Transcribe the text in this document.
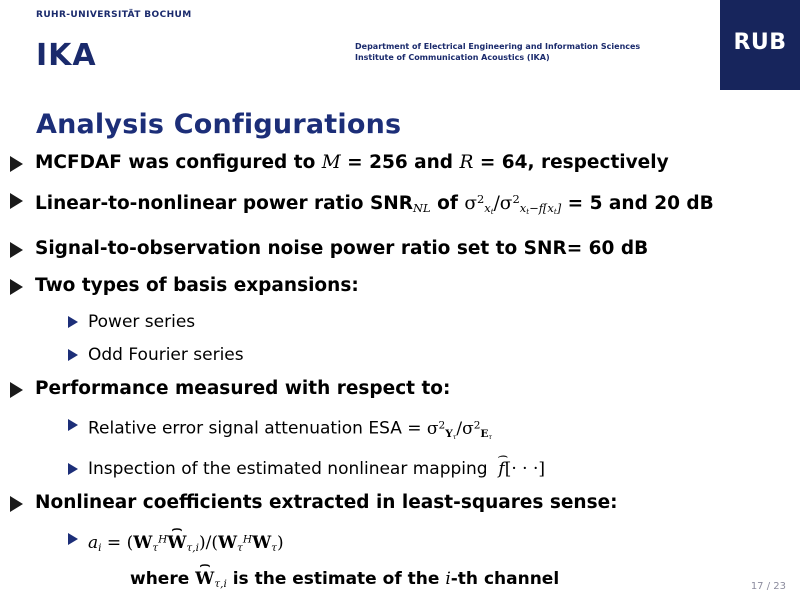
RUHR-UNIVERSITÄT BOCHUM
IKA	Department of Electrical Engineering and Information Sciences
Institute of Communication Acoustics (IKA)
RUB
Analysis Configurations
MCFDAF was configured to M = 256 and R = 64, respectively
Linear-to-nonlinear power ratio $SNR_{NL}$ of $\sigma^2_{x_t}/\sigma^2_{x_t-f[x_t]} = 5$ and 20 dB
Signal-to-observation noise power ratio set to SNR= 60 dB
Two types of basis expansions:
Power series
Odd Fourier series
Performance measured with respect to:
Relative error signal attenuation ESA = $\sigma^2_{Y_\tau}/\sigma^2_{E_\tau}$
Inspection of the estimated nonlinear mapping  ⌢ f[· · ·]
Nonlinear coefficients extracted in least-squares sense:
$a_i$ = ($W_\tau^H⌢$ $W_{\tau,i})/(W_\tau^HW_\tau)$
where ⌢ $W_{\tau,i}$ is the estimate of the i-th channel	17 / 23
